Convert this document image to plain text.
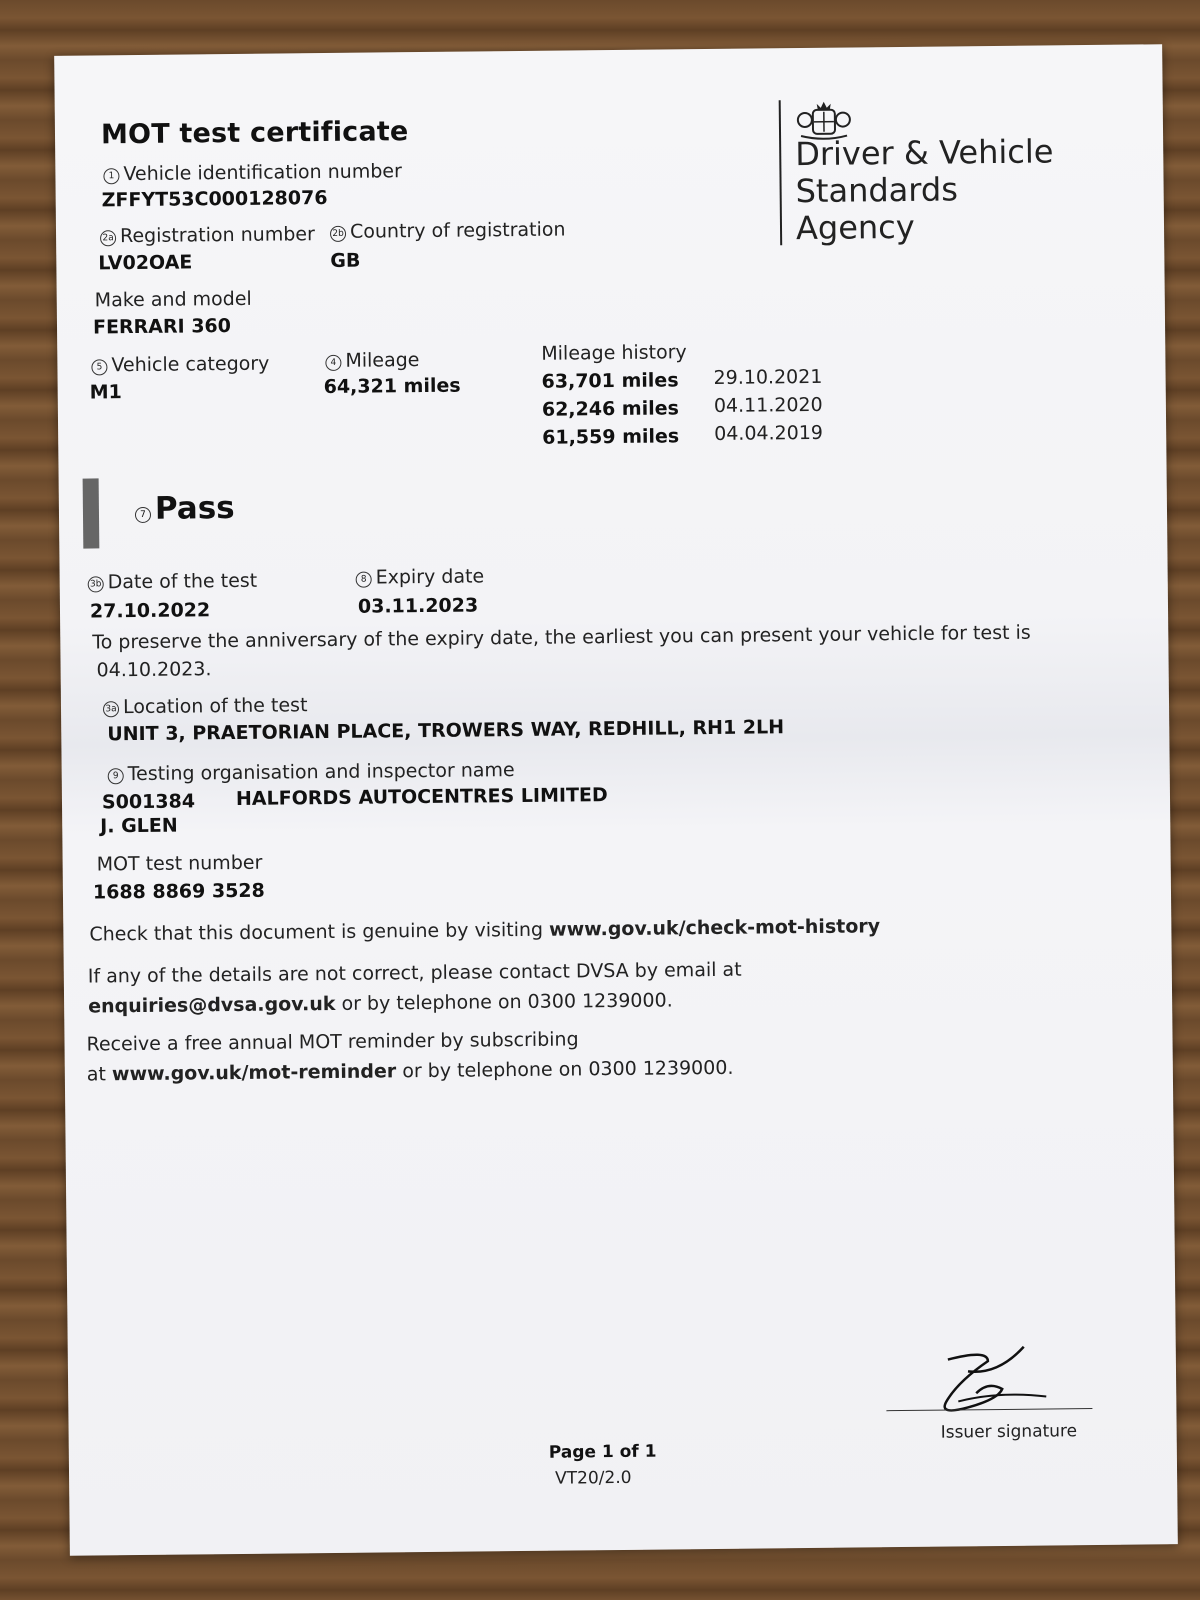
MOT test certificate
1 Vehicle identification number
ZFFYT53C000128076
2a Registration number
LV02OAE
2b Country of registration
GB
Make and model
FERRARI 360
5 Vehicle category
M1
4 Mileage
64,321 miles
Mileage history
63,701 miles 29.10.2021
62,246 miles 04.11.2020
61,559 miles 04.04.2019
Driver & Vehicle
Standards
Agency
7 Pass
3b Date of the test
27.10.2022
8 Expiry date
03.11.2023
To preserve the anniversary of the expiry date, the earliest you can present your vehicle for test is
04.10.2023.
3a Location of the test
UNIT 3, PRAETORIAN PLACE, TROWERS WAY, REDHILL, RH1 2LH
9 Testing organisation and inspector name
S001384 HALFORDS AUTOCENTRES LIMITED
J. GLEN
MOT test number
1688 8869 3528
Check that this document is genuine by visiting www.gov.uk/check-mot-history
If any of the details are not correct, please contact DVSA by email at
enquiries@dvsa.gov.uk or by telephone on 0300 1239000.
Receive a free annual MOT reminder by subscribing
at www.gov.uk/mot-reminder or by telephone on 0300 1239000.
Page 1 of 1
VT20/2.0
Issuer signature
